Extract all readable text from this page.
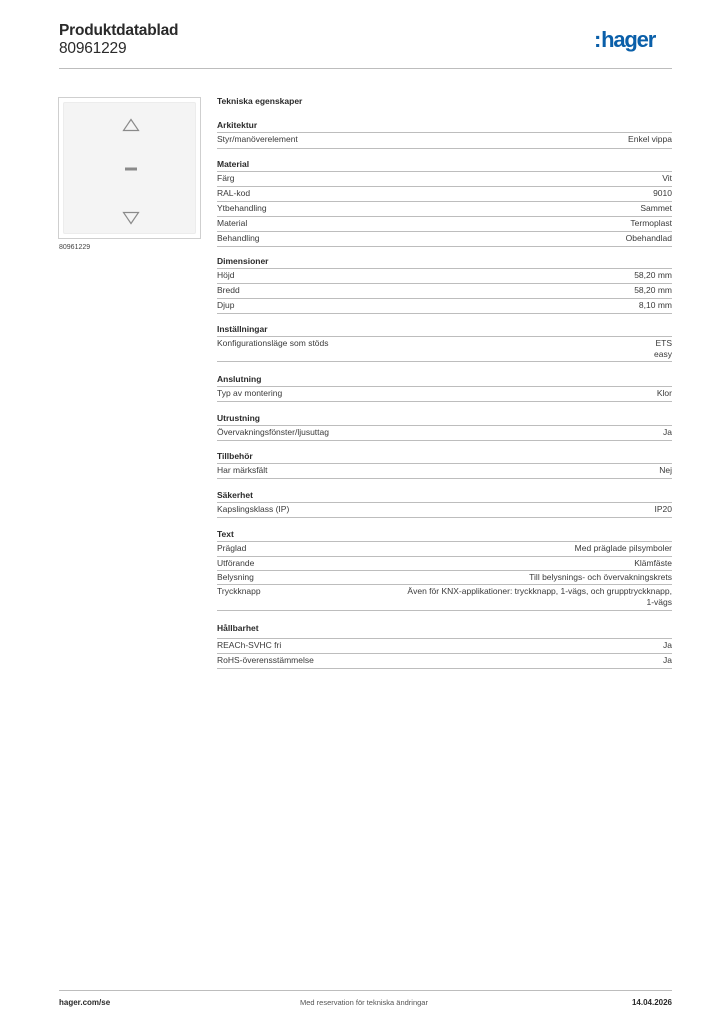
Produktdatablad
80961229	:hager
80961229
Tekniska egenskaper
Arkitektur
Styr/manöverelement	Enkel vippa
Material
Färg	Vit
RAL-kod	9010
Ytbehandling	Sammet
Material	Termoplast
Behandling	Obehandlad
Dimensioner
Höjd	58,20 mm
Bredd	58,20 mm
Djup	8,10 mm
Inställningar
Konfigurationsläge som stöds	ETS
easy
Anslutning
Typ av montering	Klor
Utrustning
Övervakningsfönster/ljusuttag	Ja
Tillbehör
Har märksfält	Nej
Säkerhet
Kapslingsklass (IP)	IP20
Text
Präglad	Med präglade pilsymboler
Utförande	Klämfäste
Belysning	Till belysnings- och övervakningskrets
Tryckknapp	Även för KNX-applikationer: tryckknapp, 1-vägs, och grupptryckknapp,
1-vägs
Hållbarhet
REACh-SVHC fri	Ja
RoHS-överensstämmelse	Ja
hager.com/se	Med reservation för tekniska ändringar	14.04.2026
